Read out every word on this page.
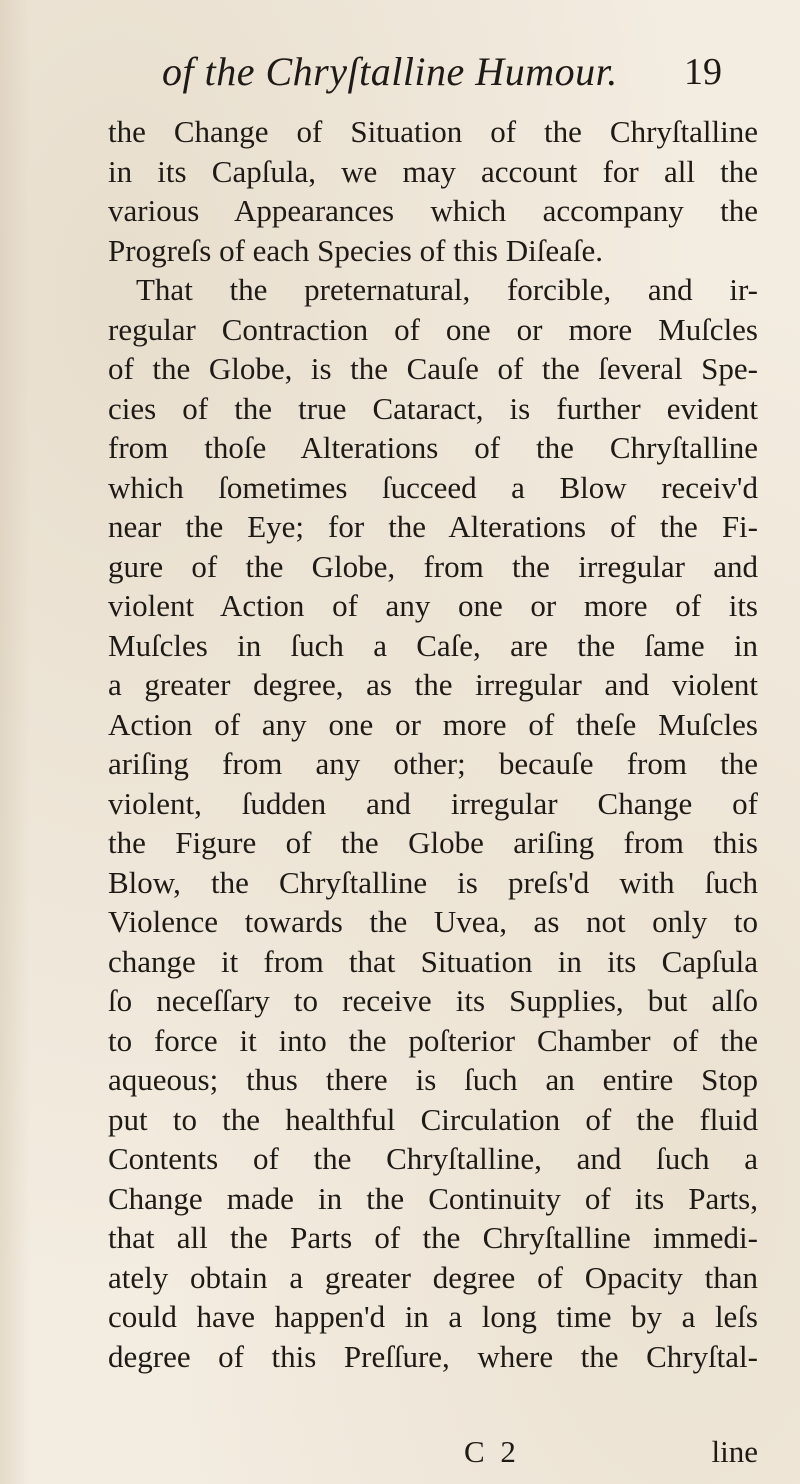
of the Chryſtalline Humour. 19
the Change of Situation of the Chryſtalline
in its Capſula, we may account for all the
various Appearances which accompany the
Progreſs of each Species of this Diſeaſe.
That the preternatural, forcible, and ir-
regular Contraction of one or more Muſcles
of the Globe, is the Cauſe of the ſeveral Spe-
cies of the true Cataract, is further evident
from thoſe Alterations of the Chryſtalline
which ſometimes ſucceed a Blow receiv'd
near the Eye; for the Alterations of the Fi-
gure of the Globe, from the irregular and
violent Action of any one or more of its
Muſcles in ſuch a Caſe, are the ſame in
a greater degree, as the irregular and violent
Action of any one or more of theſe Muſcles
ariſing from any other; becauſe from the
violent, ſudden and irregular Change of
the Figure of the Globe ariſing from this
Blow, the Chryſtalline is preſs'd with ſuch
Violence towards the Uvea, as not only to
change it from that Situation in its Capſula
ſo neceſſary to receive its Supplies, but alſo
to force it into the poſterior Chamber of the
aqueous; thus there is ſuch an entire Stop
put to the healthful Circulation of the fluid
Contents of the Chryſtalline, and ſuch a
Change made in the Continuity of its Parts,
that all the Parts of the Chryſtalline immedi-
ately obtain a greater degree of Opacity than
could have happen'd in a long time by a leſs
degree of this Preſſure, where the Chryſtal-
C 2	line
